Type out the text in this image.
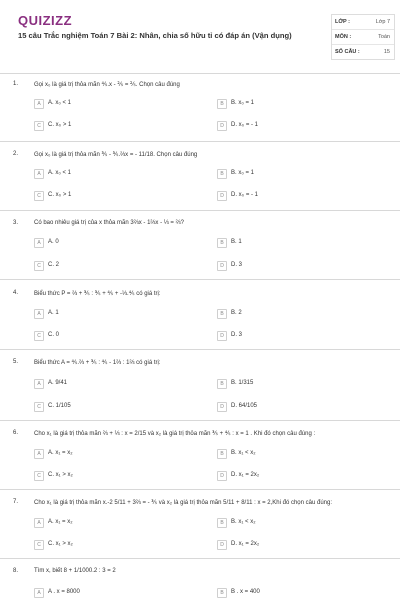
QUIZIZZ
15 câu Trắc nghiệm Toán 7 Bài 2: Nhân, chia số hữu tỉ có đáp án (Vận dụng)
LỚP :	Lớp 7
MÔN :	Toán
SỐ CÂU :	15
1.	Gọi x₀ là giá trị thỏa mãn ⅘.x - ⅖ = ⅖. Chọn câu đúng
A	A. x₀ < 1	B	B. x₀ = 1
C	C. x₀ > 1	D	D. x₀ = - 1
2.	Gọi x₀ là giá trị thỏa mãn ⅗ - ⅗.⅔x = - 11/18. Chọn câu đúng
A	A. x₀ < 1	B	B. x₀ = 1
C	C. x₀ > 1	D	D. x₀ = - 1
3.	Có bao nhiêu giá trị của x thỏa mãn 3⅔x - 1⅔x - ⅓ = ⅔?
A	A. 0	B	B. 1
C	C. 2	D	D. 3
4.	Biểu thức P = ⅔ + ⅗ : ⅗ + ⅘ + -⅓.⅘ có giá trị:
A	A. 1	B	B. 2
C	C. 0	D	D. 3
5.	Biểu thức A = ⅘.⅔ + ⅗ : ⅘ - 1⅔ : 1⅔ có giá trị:
A	A. 9/41	B	B. 1/315
C	C. 1/105	D	D. 64/105
6.	Cho x₁ là giá trị thỏa mãn ⅔ + ⅓ : x = 2/15 và x₂ là giá trị thỏa mãn ⅗ + ⅘ : x = 1 . Khi đó chọn câu đúng :
A	A. x₁ = x₂	B	B. x₁ < x₂
C	C. x₁ > x₂	D	D. x₁ = 2x₂
7.	Cho x₁ là giá trị thỏa mãn x.-2 5/11 + 3⅔ = - ⅗ và x₂ là giá trị thỏa mãn 5/11 + 8/11 : x = 2,Khi đó chọn câu đúng:
A	A. x₁ = x₂	B	B. x₁ < x₂
C	C. x₁ > x₂	D	D. x₁ = 2x₂
8.	Tìm x, biết 8 + 1/1000.2 : 3 = 2
A	A . x = 8000	B	B . x = 400
